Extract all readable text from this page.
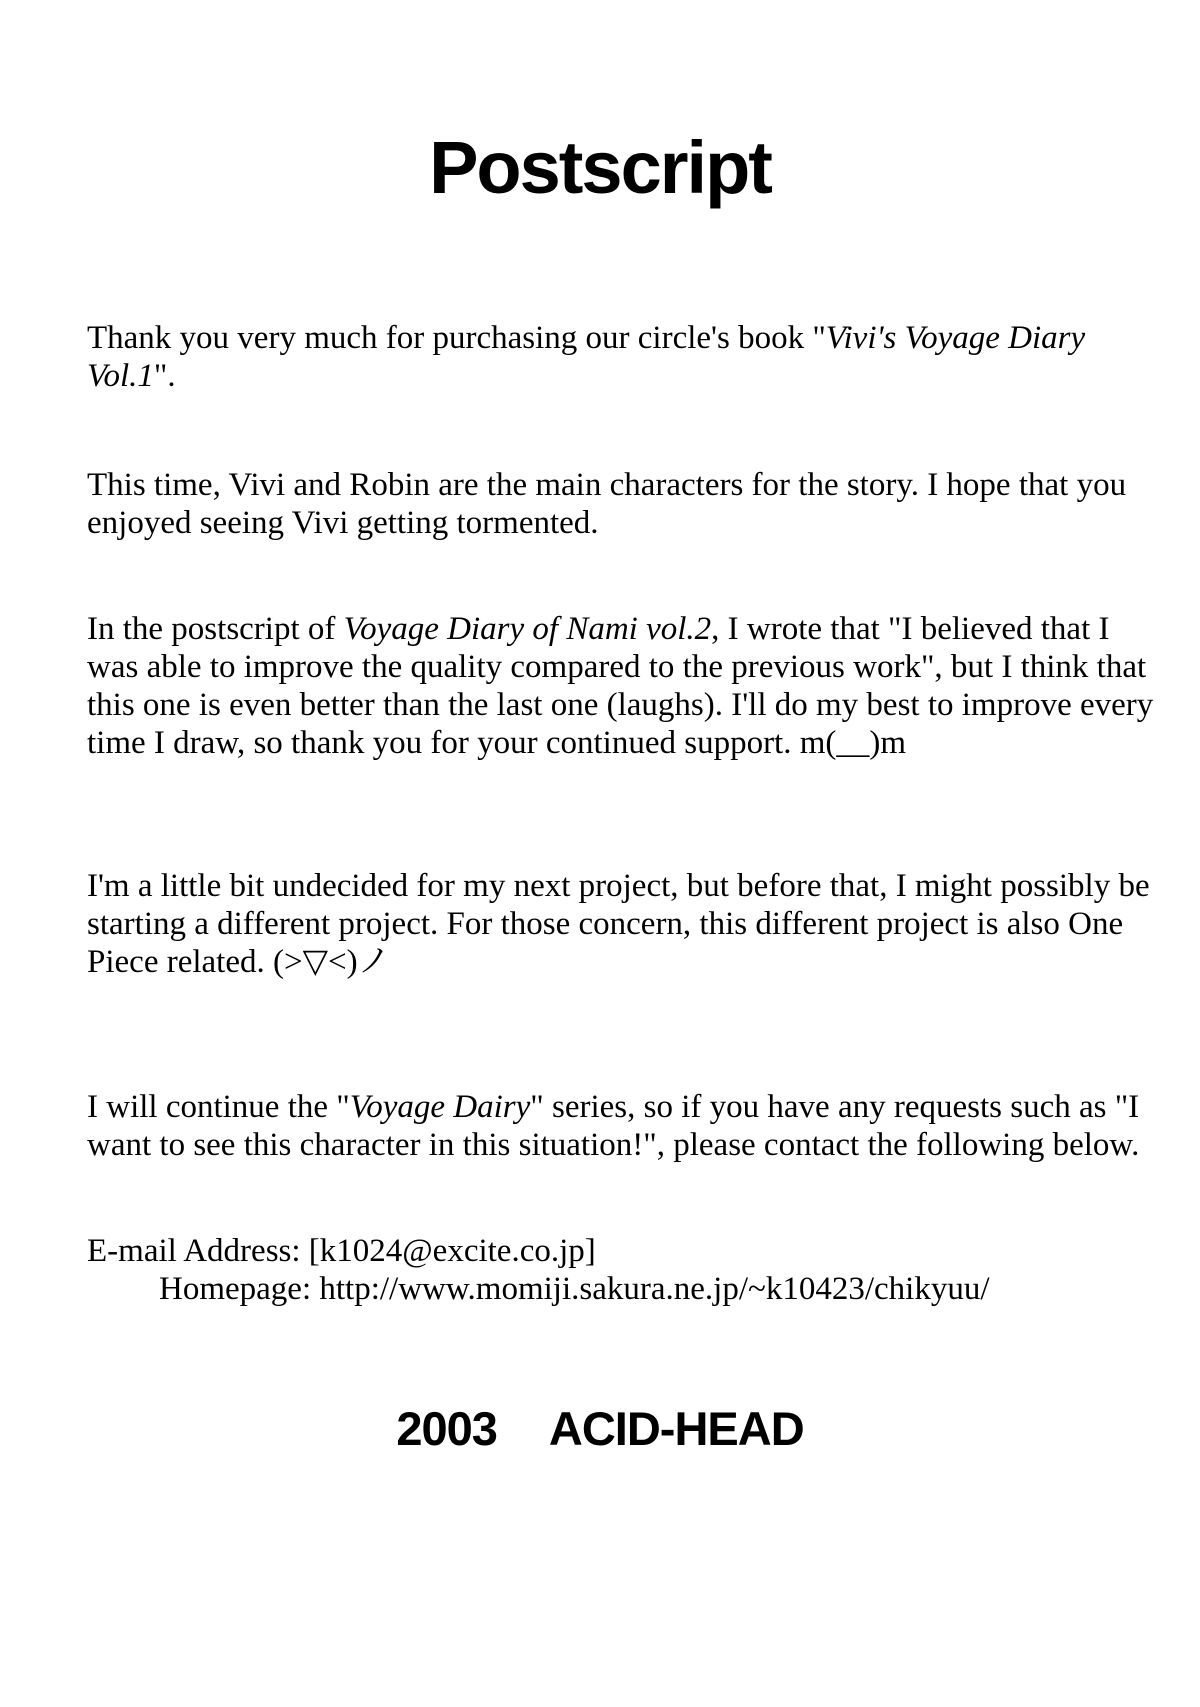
Postscript

Thank you very much for purchasing our circle's book "Vivi's Voyage Diary Vol.1".

This time, Vivi and Robin are the main characters for the story. I hope that you enjoyed seeing Vivi getting tormented.

In the postscript of Voyage Diary of Nami vol.2, I wrote that "I believed that I was able to improve the quality compared to the previous work", but I think that this one is even better than the last one (laughs). I'll do my best to improve every time I draw, so thank you for your continued support. m(__)m

I'm a little bit undecided for my next project, but before that, I might possibly be starting a different project. For those concern, this different project is also One Piece related. (>▽<)ノ

I will continue the "Voyage Dairy" series, so if you have any requests such as "I want to see this character in this situation!", please contact the following below.

E-mail Address: [k1024@excite.co.jp]

Homepage: http://www.momiji.sakura.ne.jp/~k10423/chikyuu/

2003 ACID-HEAD
